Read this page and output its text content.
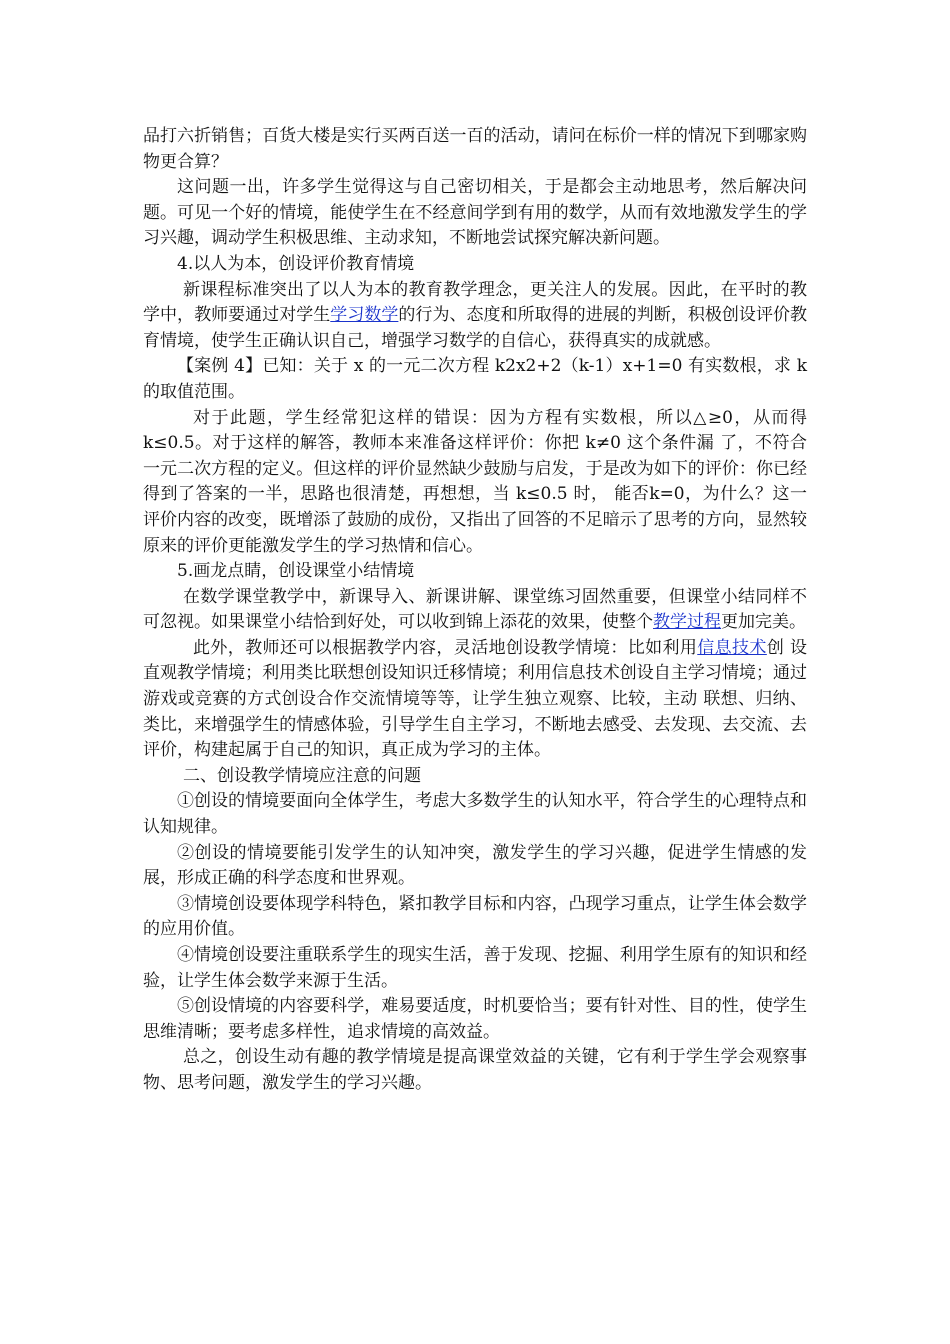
品打六折销售；百货大楼是实行买两百送一百的活动，请问在标价一样的情况下到哪家购物更合算？

这问题一出，许多学生觉得这与自己密切相关，于是都会主动地思考，然后解决问题。可见一个好的情境，能使学生在不经意间学到有用的数学，从而有效地激发学生的学习兴趣，调动学生积极思维、主动求知，不断地尝试探究解决新问题。

4.以人为本，创设评价教育情境

新课程标准突出了以人为本的教育教学理念，更关注人的发展。因此，在平时的教学中，教师要通过对学生学习数学的行为、态度和所取得的进展的判断，积极创设评价教育情境，使学生正确认识自己，增强学习数学的自信心，获得真实的成就感。

【案例 4】已知：关于 x 的一元二次方程 k2x2+2（k-1）x+1=0 有实数根，求 k 的取值范围。

对于此题，学生经常犯这样的错误：因为方程有实数根，所以△≥0，从而得k≤0.5。对于这样的解答，教师本来准备这样评价：你把 k≠0 这个条件漏 了，不符合一元二次方程的定义。但这样的评价显然缺少鼓励与启发，于是改为如下的评价：你已经得到了答案的一半，思路也很清楚，再想想，当 k≤0.5 时， 能否k=0，为什么？这一评价内容的改变，既增添了鼓励的成份，又指出了回答的不足暗示了思考的方向，显然较原来的评价更能激发学生的学习热情和信心。

5.画龙点睛，创设课堂小结情境

在数学课堂教学中，新课导入、新课讲解、课堂练习固然重要，但课堂小结同样不可忽视。如果课堂小结恰到好处，可以收到锦上添花的效果，使整个教学过程更加完美。

此外，教师还可以根据教学内容，灵活地创设教学情境：比如利用信息技术创 设直观教学情境；利用类比联想创设知识迁移情境；利用信息技术创设自主学习情境；通过游戏或竞赛的方式创设合作交流情境等等，让学生独立观察、比较，主动 联想、归纳、类比，来增强学生的情感体验，引导学生自主学习，不断地去感受、去发现、去交流、去评价，构建起属于自己的知识，真正成为学习的主体。

二、创设教学情境应注意的问题

①创设的情境要面向全体学生，考虑大多数学生的认知水平，符合学生的心理特点和认知规律。

②创设的情境要能引发学生的认知冲突，激发学生的学习兴趣，促进学生情感的发展，形成正确的科学态度和世界观。

③情境创设要体现学科特色，紧扣教学目标和内容，凸现学习重点，让学生体会数学的应用价值。

④情境创设要注重联系学生的现实生活，善于发现、挖掘、利用学生原有的知识和经验，让学生体会数学来源于生活。

⑤创设情境的内容要科学，难易要适度，时机要恰当；要有针对性、目的性，使学生思维清晰；要考虑多样性，追求情境的高效益。

总之，创设生动有趣的教学情境是提高课堂效益的关键，它有利于学生学会观察事物、思考问题，激发学生的学习兴趣。
